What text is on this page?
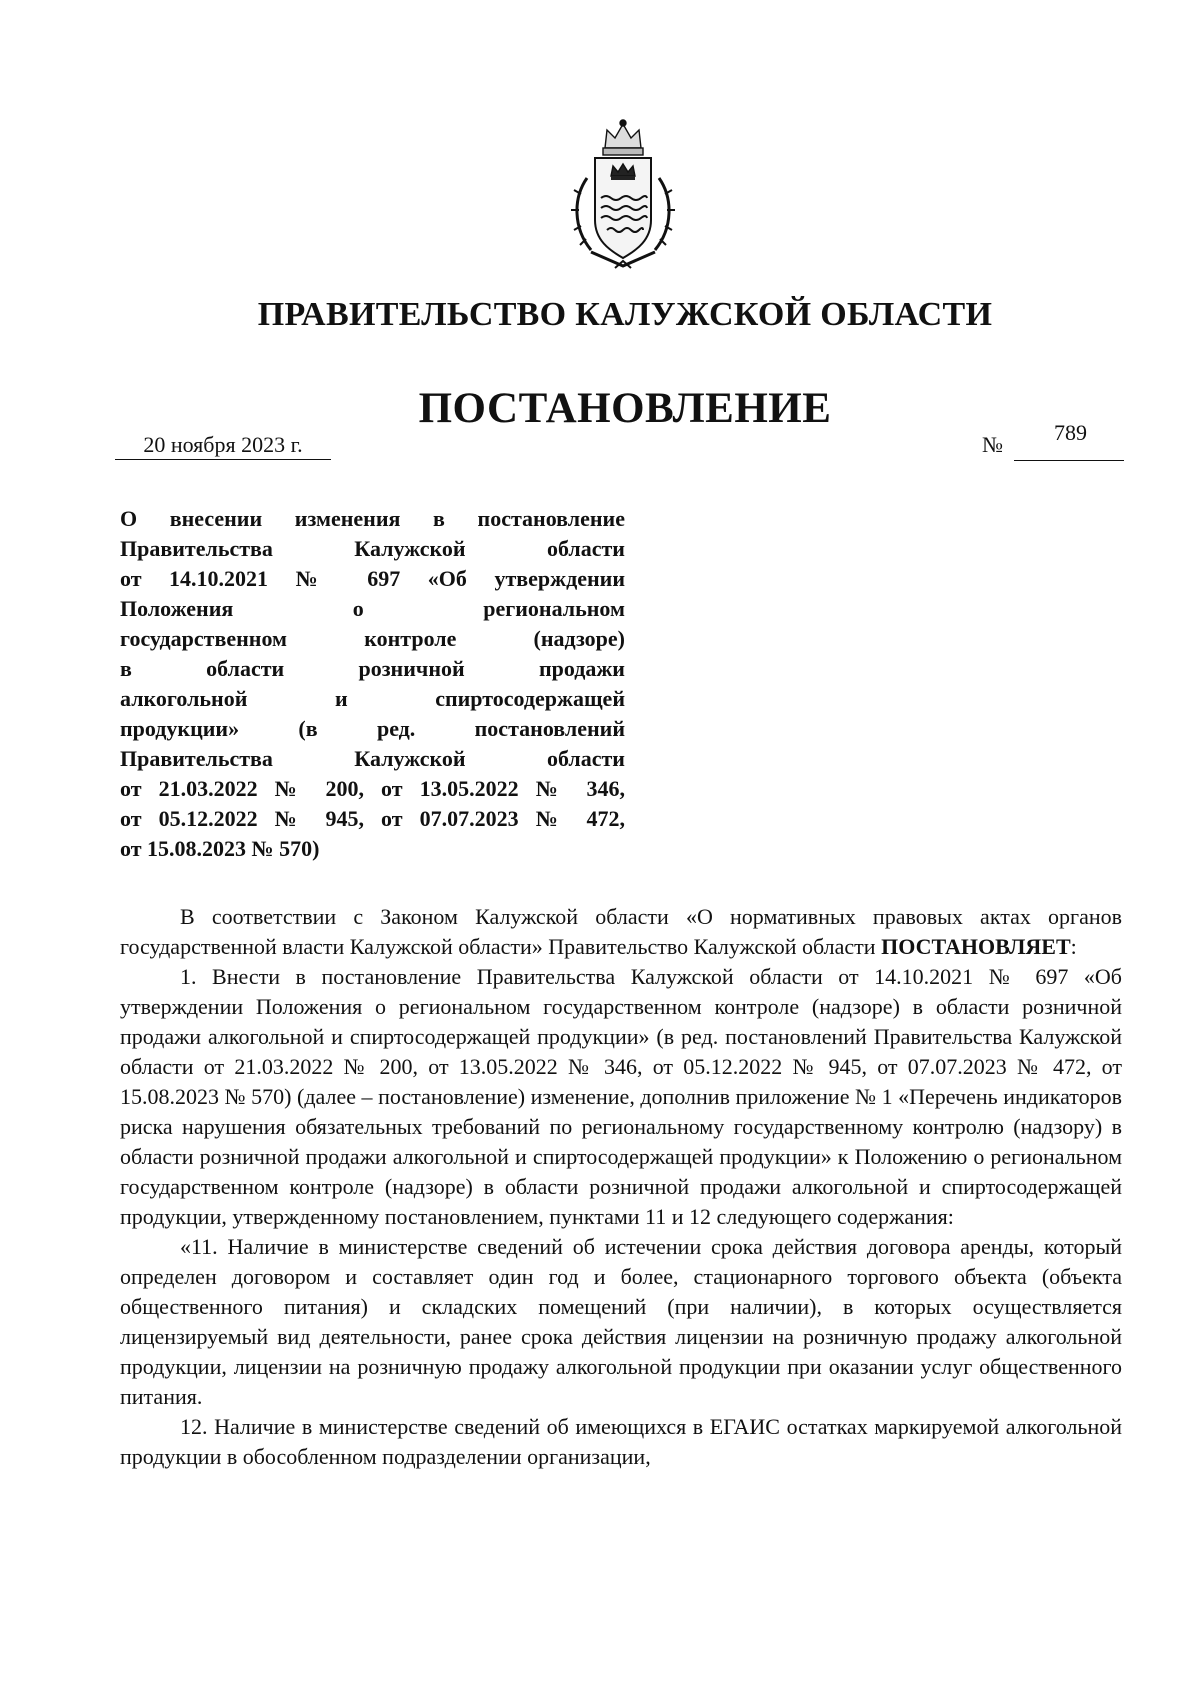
ПРАВИТЕЛЬСТВО КАЛУЖСКОЙ ОБЛАСТИ
ПОСТАНОВЛЕНИЕ
20 ноября 2023 г.	№ 789
О внесении изменения в постановление
Правительства Калужской области
от 14.10.2021 № 697 «Об утверждении
Положения о региональном
государственном контроле (надзоре)
в области розничной продажи
алкогольной и спиртосодержащей
продукции» (в ред. постановлений
Правительства Калужской области
от 21.03.2022 № 200, от 13.05.2022 № 346,
от 05.12.2022 № 945, от 07.07.2023 № 472,
от 15.08.2023 № 570)

В соответствии с Законом Калужской области «О нормативных правовых актах органов государственной власти Калужской области» Правительство Калужской области ПОСТАНОВЛЯЕТ:

1. Внести в постановление Правительства Калужской области от 14.10.2021 № 697 «Об утверждении Положения о региональном государственном контроле (надзоре) в области розничной продажи алкогольной и спиртосодержащей продукции» (в ред. постановлений Правительства Калужской области от 21.03.2022 № 200, от 13.05.2022 № 346, от 05.12.2022 № 945, от 07.07.2023 № 472, от 15.08.2023 № 570) (далее – постановление) изменение, дополнив приложение № 1 «Перечень индикаторов риска нарушения обязательных требований по региональному государственному контролю (надзору) в области розничной продажи алкогольной и спиртосодержащей продукции» к Положению о региональном государственном контроле (надзоре) в области розничной продажи алкогольной и спиртосодержащей продукции, утвержденному постановлением, пунктами 11 и 12 следующего содержания:

«11. Наличие в министерстве сведений об истечении срока действия договора аренды, который определен договором и составляет один год и более, стационарного торгового объекта (объекта общественного питания) и складских помещений (при наличии), в которых осуществляется лицензируемый вид деятельности, ранее срока действия лицензии на розничную продажу алкогольной продукции, лицензии на розничную продажу алкогольной продукции при оказании услуг общественного питания.

12. Наличие в министерстве сведений об имеющихся в ЕГАИС остатках маркируемой алкогольной продукции в обособленном подразделении организации,
